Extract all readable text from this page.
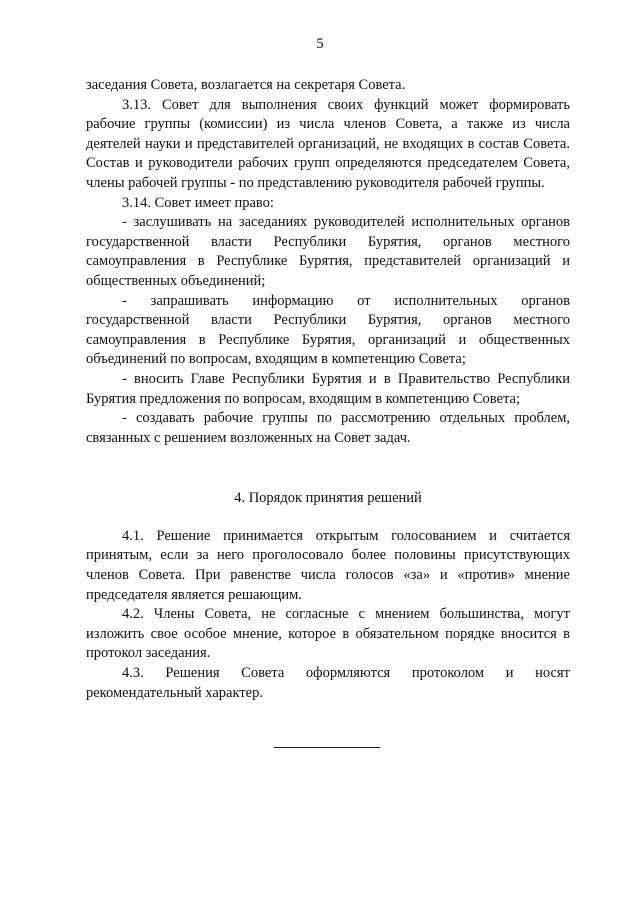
5

заседания Совета, возлагается на секретаря Совета.

3.13. Совет для выполнения своих функций может формировать рабочие группы (комиссии) из числа членов Совета, а также из числа деятелей науки и представителей организаций, не входящих в состав Совета. Состав и руководители рабочих групп определяются председателем Совета, члены рабочей группы - по представлению руководителя рабочей группы.

3.14. Совет имеет право:

- заслушивать на заседаниях руководителей исполнительных органов государственной власти Республики Бурятия, органов местного самоуправления в Республике Бурятия, представителей организаций и общественных объединений;

- запрашивать информацию от исполнительных органов государственной власти Республики Бурятия, органов местного самоуправления в Республике Бурятия, организаций и общественных объединений по вопросам, входящим в компетенцию Совета;

- вносить Главе Республики Бурятия и в Правительство Республики Бурятия предложения по вопросам, входящим в компетенцию Совета;

- создавать рабочие группы по рассмотрению отдельных проблем, связанных с решением возложенных на Совет задач.

4. Порядок принятия решений

4.1. Решение принимается открытым голосованием и считается принятым, если за него проголосовало более половины присутствующих членов Совета. При равенстве числа голосов «за» и «против» мнение председателя является решающим.

4.2. Члены Совета, не согласные с мнением большинства, могут изложить свое особое мнение, которое в обязательном порядке вносится в протокол заседания.

4.3. Решения Совета оформляются протоколом и носят рекомендательный характер.
